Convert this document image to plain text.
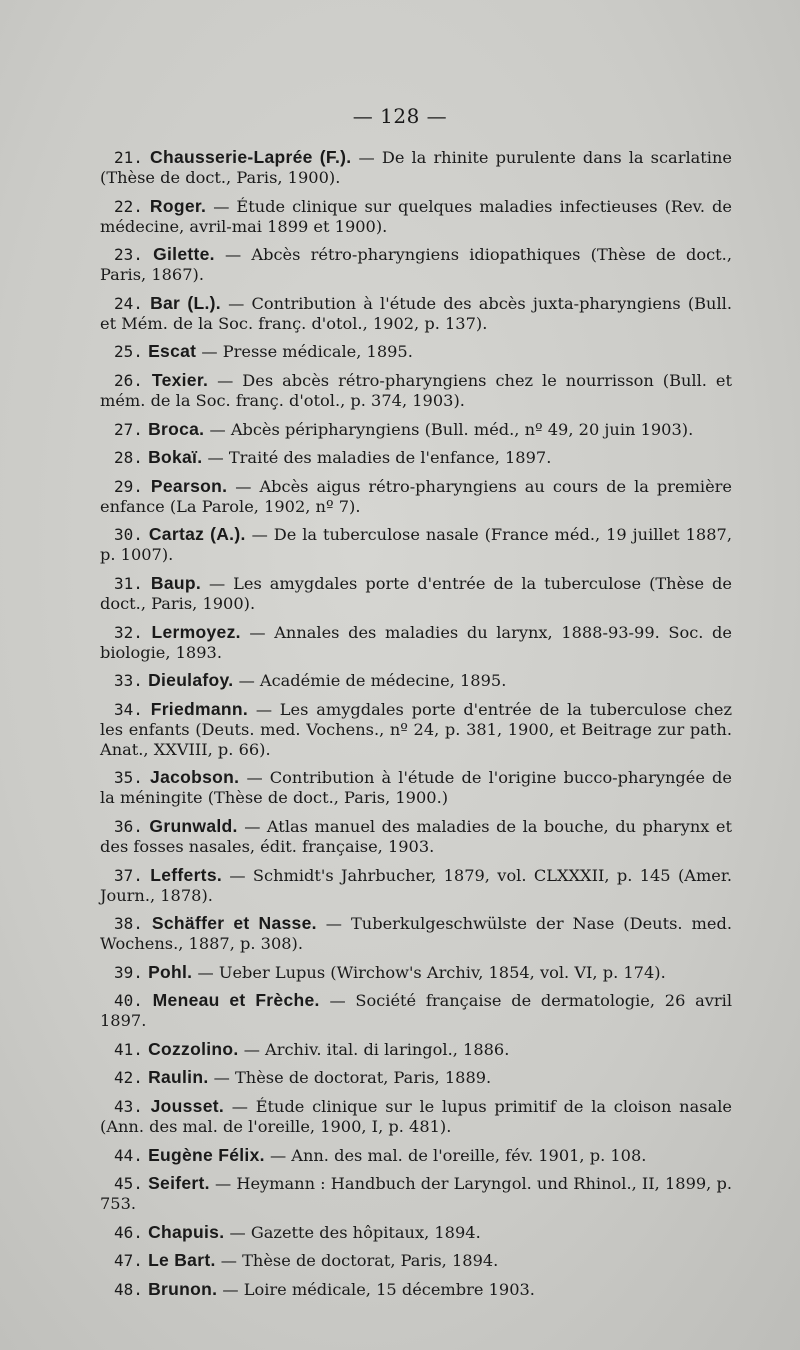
— 128 —

21. Chausserie-Laprée (F.). — De la rhinite purulente dans la scarlatine (Thèse de doct., Paris, 1900).

22. Roger. — Étude clinique sur quelques maladies infectieuses (Rev. de médecine, avril-mai 1899 et 1900).

23. Gilette. — Abcès rétro-pharyngiens idiopathiques (Thèse de doct., Paris, 1867).

24. Bar (L.). — Contribution à l'étude des abcès juxta-pharyngiens (Bull. et Mém. de la Soc. franç. d'otol., 1902, p. 137).

25. Escat — Presse médicale, 1895.

26. Texier. — Des abcès rétro-pharyngiens chez le nourrisson (Bull. et mém. de la Soc. franç. d'otol., p. 374, 1903).

27. Broca. — Abcès péripharyngiens (Bull. méd., nº 49, 20 juin 1903).

28. Bokaï. — Traité des maladies de l'enfance, 1897.

29. Pearson. — Abcès aigus rétro-pharyngiens au cours de la première enfance (La Parole, 1902, nº 7).

30. Cartaz (A.). — De la tuberculose nasale (France méd., 19 juillet 1887, p. 1007).

31. Baup. — Les amygdales porte d'entrée de la tuberculose (Thèse de doct., Paris, 1900).

32. Lermoyez. — Annales des maladies du larynx, 1888-93-99. Soc. de biologie, 1893.

33. Dieulafoy. — Académie de médecine, 1895.

34. Friedmann. — Les amygdales porte d'entrée de la tuberculose chez les enfants (Deuts. med. Vochens., nº 24, p. 381, 1900, et Beitrage zur path. Anat., XXVIII, p. 66).

35. Jacobson. — Contribution à l'étude de l'origine bucco-pharyngée de la méningite (Thèse de doct., Paris, 1900.)

36. Grunwald. — Atlas manuel des maladies de la bouche, du pharynx et des fosses nasales, édit. française, 1903.

37. Lefferts. — Schmidt's Jahrbucher, 1879, vol. CLXXXII, p. 145 (Amer. Journ., 1878).

38. Schäffer et Nasse. — Tuberkulgeschwülste der Nase (Deuts. med. Wochens., 1887, p. 308).

39. Pohl. — Ueber Lupus (Wirchow's Archiv, 1854, vol. VI, p. 174).

40. Meneau et Frèche. — Société française de dermatologie, 26 avril 1897.

41. Cozzolino. — Archiv. ital. di laringol., 1886.

42. Raulin. — Thèse de doctorat, Paris, 1889.

43. Jousset. — Étude clinique sur le lupus primitif de la cloison nasale (Ann. des mal. de l'oreille, 1900, I, p. 481).

44. Eugène Félix. — Ann. des mal. de l'oreille, fév. 1901, p. 108.

45. Seifert. — Heymann : Handbuch der Laryngol. und Rhinol., II, 1899, p. 753.

46. Chapuis. — Gazette des hôpitaux, 1894.

47. Le Bart. — Thèse de doctorat, Paris, 1894.

48. Brunon. — Loire médicale, 15 décembre 1903.
